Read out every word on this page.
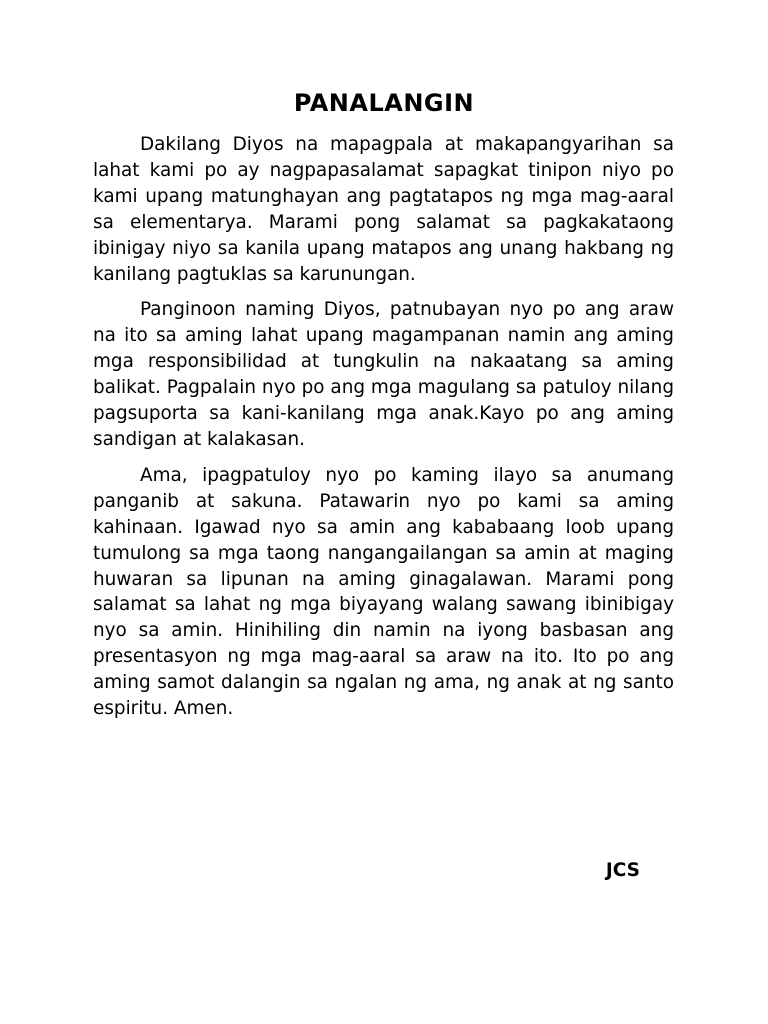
PANALANGIN

Dakilang Diyos na mapagpala at makapangyarihan sa lahat kami po ay nagpapasalamat sapagkat tinipon niyo po kami upang matunghayan ang pagtatapos ng mga mag-aaral sa elementarya. Marami pong salamat sa pagkakataong ibinigay niyo sa kanila upang matapos ang unang hakbang ng kanilang pagtuklas sa karunungan.

Panginoon naming Diyos, patnubayan nyo po ang araw na ito sa aming lahat upang magampanan namin ang aming mga responsibilidad at tungkulin na nakaatang sa aming balikat. Pagpalain nyo po ang mga magulang sa patuloy nilang pagsuporta sa kani-kanilang mga anak.Kayo po ang aming sandigan at kalakasan.

Ama, ipagpatuloy nyo po kaming ilayo sa anumang panganib at sakuna. Patawarin nyo po kami sa aming kahinaan. Igawad nyo sa amin ang kababaang loob upang tumulong sa mga taong nangangailangan sa amin at maging huwaran sa lipunan na aming ginagalawan. Marami pong salamat sa lahat ng mga biyayang walang sawang ibinibigay nyo sa amin. Hinihiling din namin na iyong basbasan ang presentasyon ng mga mag-aaral sa araw na ito. Ito po ang aming samot dalangin sa ngalan ng ama, ng anak at ng santo espiritu. Amen.

JCS
